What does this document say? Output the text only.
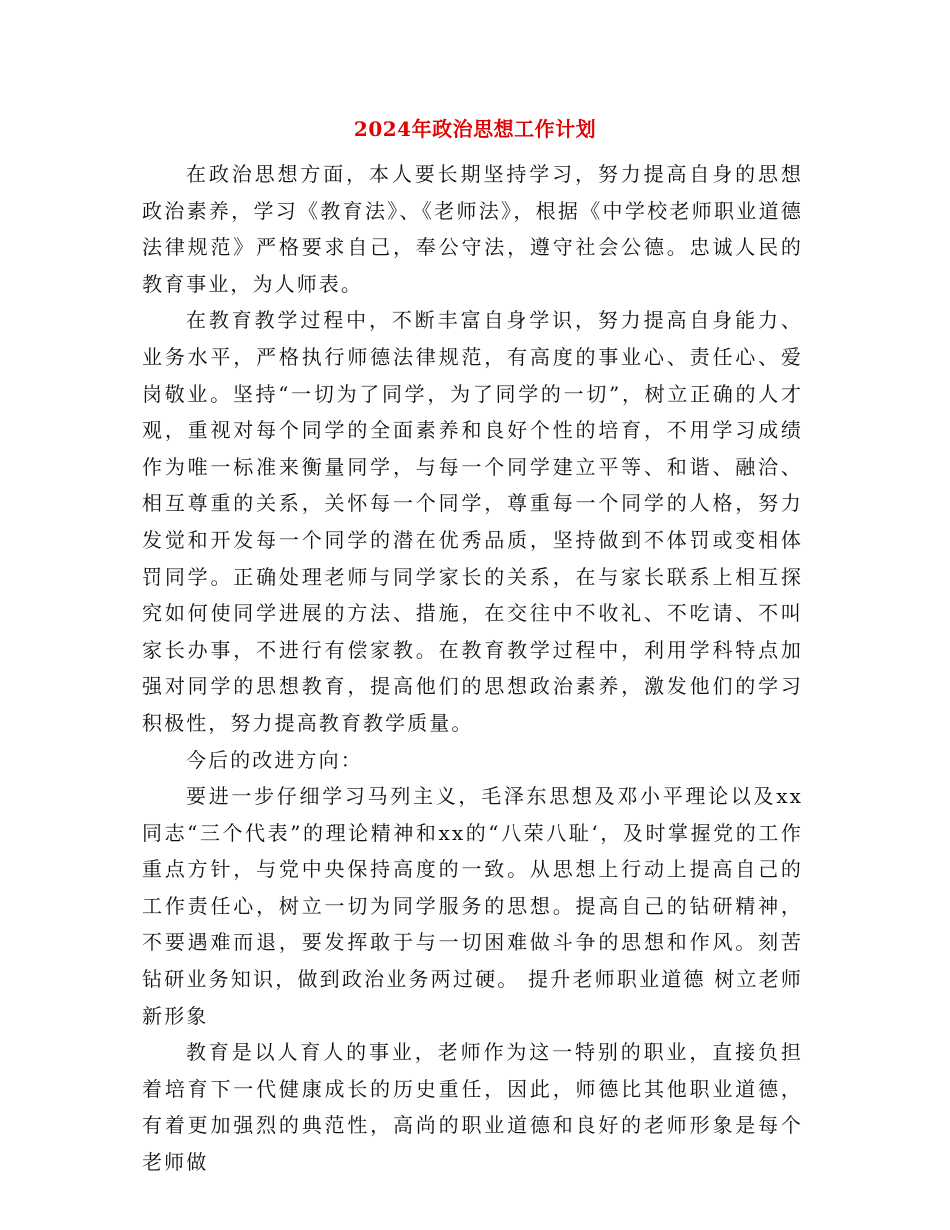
2024年政治思想工作计划

在政治思想方面，本人要长期坚持学习，努力提高自身的思想政治素养，学习《教育法》、《老师法》，根据《中学校老师职业道德法律规范》严格要求自己，奉公守法，遵守社会公德。忠诚人民的教育事业，为人师表。

在教育教学过程中，不断丰富自身学识，努力提高自身能力、业务水平，严格执行师德法律规范，有高度的事业心、责任心、爱岗敬业。坚持“一切为了同学，为了同学的一切”，树立正确的人才观，重视对每个同学的全面素养和良好个性的培育，不用学习成绩作为唯一标准来衡量同学，与每一个同学建立平等、和谐、融洽、相互尊重的关系，关怀每一个同学，尊重每一个同学的人格，努力发觉和开发每一个同学的潜在优秀品质，坚持做到不体罚或变相体罚同学。正确处理老师与同学家长的关系，在与家长联系上相互探究如何使同学进展的方法、措施，在交往中不收礼、不吃请、不叫家长办事，不进行有偿家教。在教育教学过程中，利用学科特点加强对同学的思想教育，提高他们的思想政治素养，激发他们的学习积极性，努力提高教育教学质量。

今后的改进方向：

要进一步仔细学习马列主义，毛泽东思想及邓小平理论以及xx同志“三个代表”的理论精神和xx的“八荣八耻‘，及时掌握党的工作重点方针，与党中央保持高度的一致。从思想上行动上提高自己的工作责任心，树立一切为同学服务的思想。提高自己的钻研精神，不要遇难而退，要发挥敢于与一切困难做斗争的思想和作风。刻苦钻研业务知识，做到政治业务两过硬。 提升老师职业道德 树立老师新形象

教育是以人育人的事业，老师作为这一特别的职业，直接负担着培育下一代健康成长的历史重任，因此，师德比其他职业道德，有着更加强烈的典范性，高尚的职业道德和良好的老师形象是每个老师做
